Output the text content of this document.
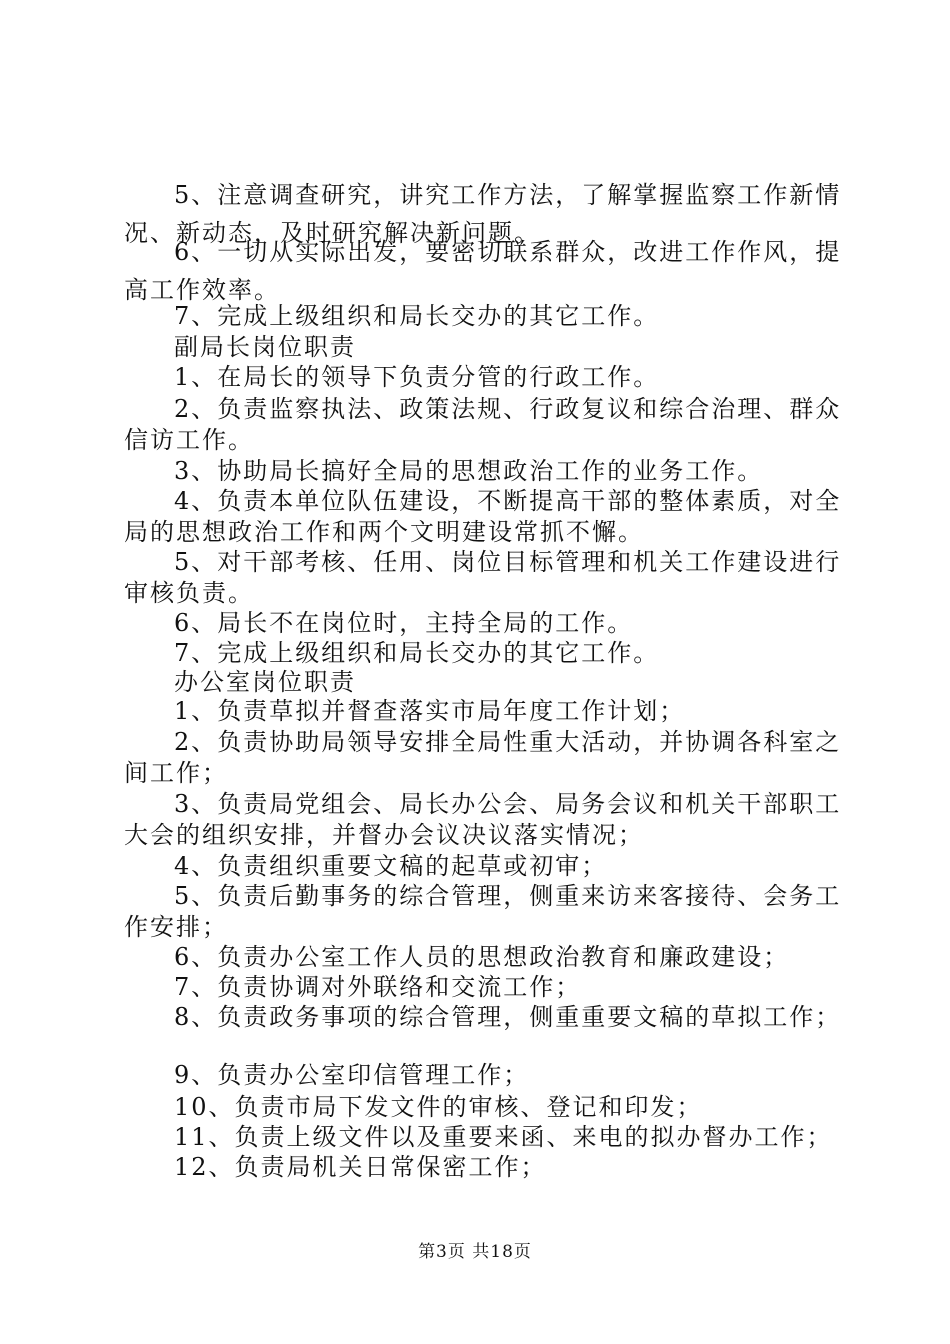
5、注意调查研究，讲究工作方法，了解掌握监察工作新情
况、新动态，及时研究解决新问题。
6、一切从实际出发，要密切联系群众，改进工作作风，提
高工作效率。
7、完成上级组织和局长交办的其它工作。
副局长岗位职责
1、在局长的领导下负责分管的行政工作。
2、负责监察执法、政策法规、行政复议和综合治理、群众
信访工作。
3、协助局长搞好全局的思想政治工作的业务工作。
4、负责本单位队伍建设，不断提高干部的整体素质，对全
局的思想政治工作和两个文明建设常抓不懈。
5、对干部考核、任用、岗位目标管理和机关工作建设进行
审核负责。
6、局长不在岗位时，主持全局的工作。
7、完成上级组织和局长交办的其它工作。
办公室岗位职责
1、负责草拟并督查落实市局年度工作计划；
2、负责协助局领导安排全局性重大活动，并协调各科室之
间工作；
3、负责局党组会、局长办公会、局务会议和机关干部职工
大会的组织安排，并督办会议决议落实情况；
4、负责组织重要文稿的起草或初审；
5、负责后勤事务的综合管理，侧重来访来客接待、会务工
作安排；
6、负责办公室工作人员的思想政治教育和廉政建设；
7、负责协调对外联络和交流工作；
8、负责政务事项的综合管理，侧重重要文稿的草拟工作；
9、负责办公室印信管理工作；
10、负责市局下发文件的审核、登记和印发；
11、负责上级文件以及重要来函、来电的拟办督办工作；
12、负责局机关日常保密工作；
第3页 共18页
